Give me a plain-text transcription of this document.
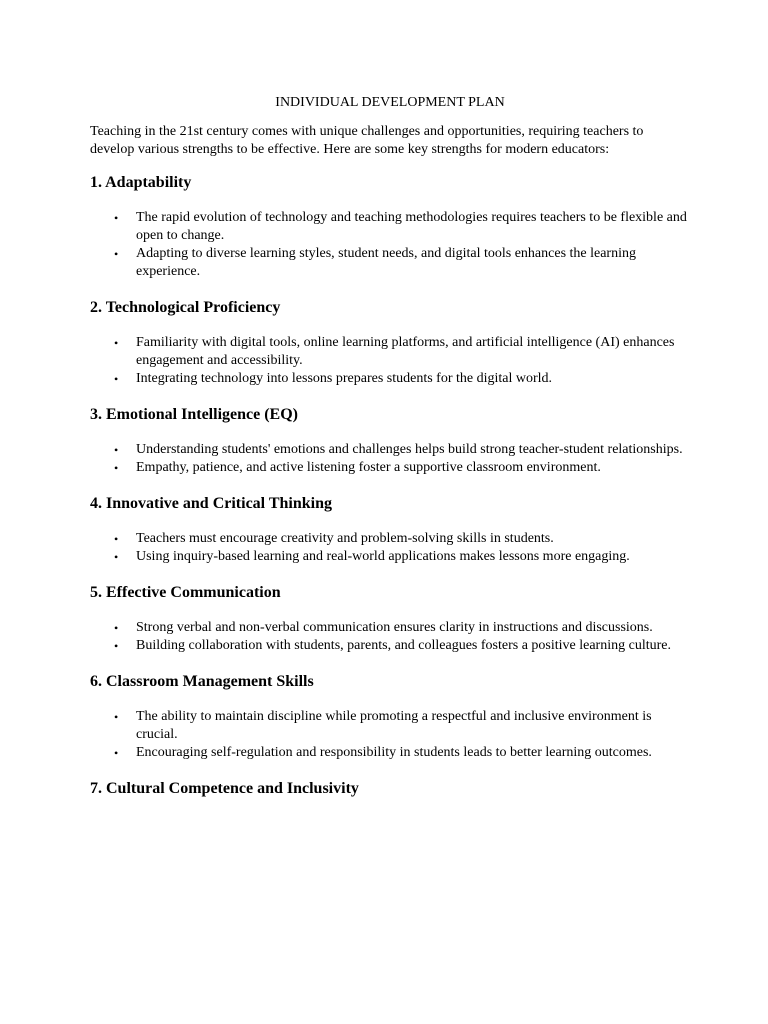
INDIVIDUAL DEVELOPMENT PLAN
Teaching in the 21st century comes with unique challenges and opportunities, requiring teachers to develop various strengths to be effective. Here are some key strengths for modern educators:
1. Adaptability
• The rapid evolution of technology and teaching methodologies requires teachers to be flexible and open to change.
• Adapting to diverse learning styles, student needs, and digital tools enhances the learning experience.
2. Technological Proficiency
• Familiarity with digital tools, online learning platforms, and artificial intelligence (AI) enhances engagement and accessibility.
• Integrating technology into lessons prepares students for the digital world.
3. Emotional Intelligence (EQ)
• Understanding students' emotions and challenges helps build strong teacher-student relationships.
• Empathy, patience, and active listening foster a supportive classroom environment.
4. Innovative and Critical Thinking
• Teachers must encourage creativity and problem-solving skills in students.
• Using inquiry-based learning and real-world applications makes lessons more engaging.
5. Effective Communication
• Strong verbal and non-verbal communication ensures clarity in instructions and discussions.
• Building collaboration with students, parents, and colleagues fosters a positive learning culture.
6. Classroom Management Skills
• The ability to maintain discipline while promoting a respectful and inclusive environment is crucial.
• Encouraging self-regulation and responsibility in students leads to better learning outcomes.
7. Cultural Competence and Inclusivity
